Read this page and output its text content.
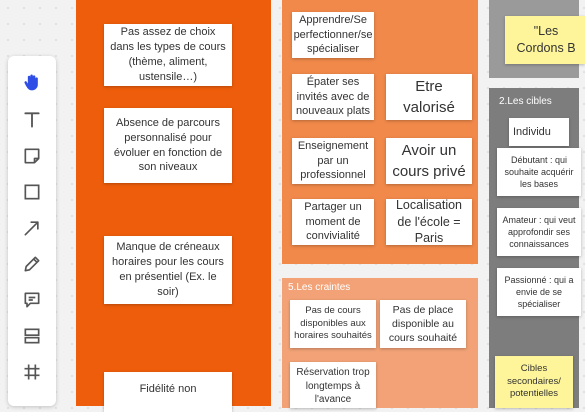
Pas assez de choix dans les types de cours (thème, aliment, ustensile…)
Absence de parcours personnalisé pour évoluer en fonction de son niveaux
Manque de créneaux horaires pour les cours en présentiel (Ex. le soir)
Fidélité non
Apprendre/Se perfectionner/se spécialiser
Épater ses invités avec de nouveaux plats
Enseignement par un professionnel
Partager un moment de convivialité
Etre valorisé
Avoir un cours privé
Localisation de l'école = Paris
5.Les craintes
Pas de cours disponibles aux horaires souhaités
Pas de place disponible au cours souhaité
Réservation trop longtemps à l'avance
"Les Cordons B
2.Les cibles
Individu
Débutant : qui souhaite acquérir les bases
Amateur : qui veut approfondir ses connaissances
Passionné : qui a envie de se spécialiser
Cibles secondaires/ potentielles
